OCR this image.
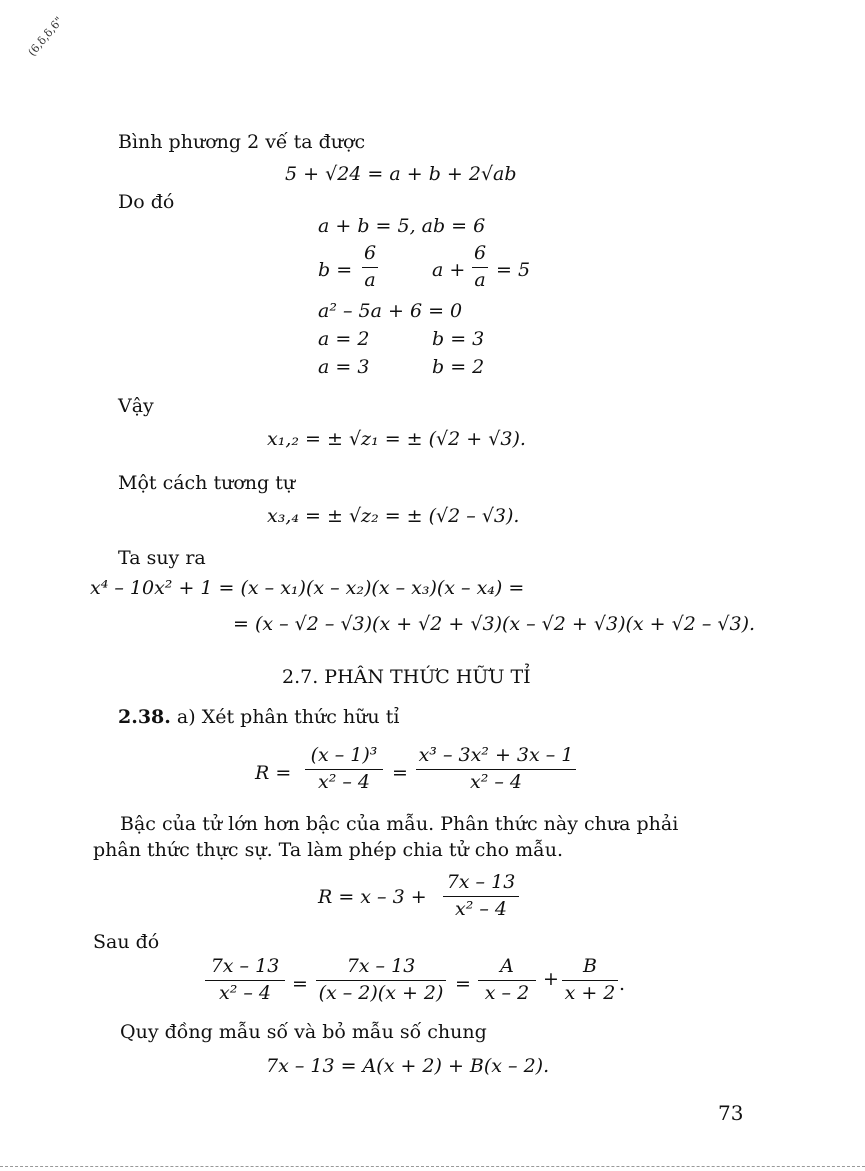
(6,δ,δ,6"
Bình phương 2 vế ta được
5 + √24 = a + b + 2√ab
Do đó
a + b = 5, ab = 6
b =
6
a	a +
6
a = 5
a² – 5a + 6 = 0
a = 2	b = 3
a = 3	b = 2
Vậy
x₁,₂ = ± √z₁ = ± (√2 + √3).
Một cách tương tự
x₃,₄ = ± √z₂ = ± (√2 – √3).
Ta suy ra
x⁴ – 10x² + 1 = (x – x₁)(x – x₂)(x – x₃)(x – x₄) =
= (x – √2 – √3)(x + √2 + √3)(x – √2 + √3)(x + √2 – √3).
2.7. PHÂN THỨC HỮU TỈ
2.38. a) Xét phân thức hữu tỉ
R =
(x – 1)³
x² – 4	=
x³ – 3x² + 3x – 1
x² – 4
Bậc của tử lớn hơn bậc của mẫu. Phân thức này chưa phải
phân thức thực sự. Ta làm phép chia tử cho mẫu.
R = x – 3 +
7x – 13
x² – 4
Sau đó
7x – 13
x² – 4	=
7x – 13
(x – 2)(x + 2) =
A
x – 2
+
B
x + 2 .
Quy đồng mẫu số và bỏ mẫu số chung
7x – 13 = A(x + 2) + B(x – 2).
73
